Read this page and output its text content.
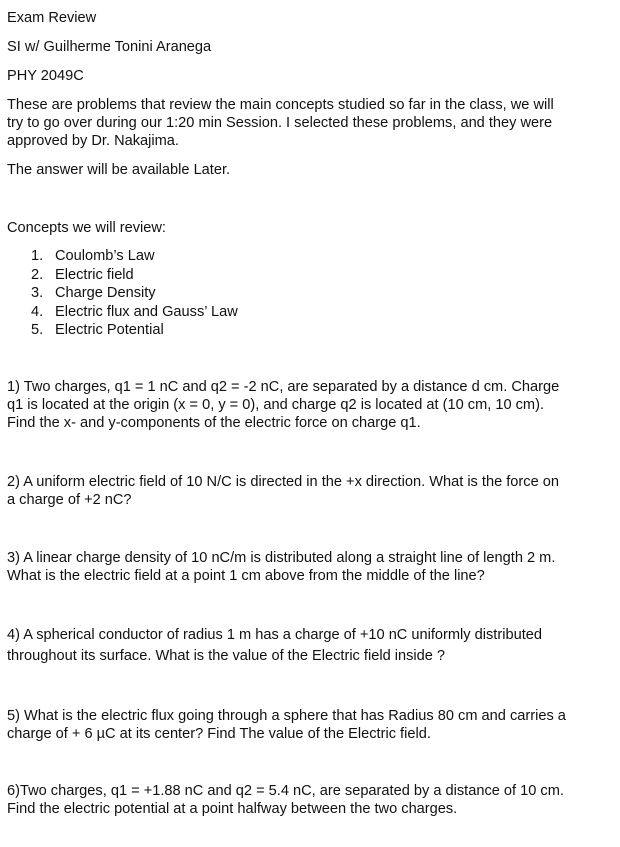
Exam Review
SI w/ Guilherme Tonini Aranega
PHY 2049C
These are problems that review the main concepts studied so far in the class, we will
try to go over during our 1:20 min Session. I selected these problems, and they were
approved by Dr. Nakajima.
The answer will be available Later.
Concepts we will review:
1. Coulomb’s Law
2. Electric field
3. Charge Density
4. Electric flux and Gauss’ Law
5. Electric Potential
1) Two charges, q1 = 1 nC and q2 = -2 nC, are separated by a distance d cm. Charge
q1 is located at the origin (x = 0, y = 0), and charge q2 is located at (10 cm, 10 cm).
Find the x- and y-components of the electric force on charge q1.
2) A uniform electric field of 10 N/C is directed in the +x direction. What is the force on
a charge of +2 nC?
3) A linear charge density of 10 nC/m is distributed along a straight line of length 2 m.
What is the electric field at a point 1 cm above from the middle of the line?
4) A spherical conductor of radius 1 m has a charge of +10 nC uniformly distributed
throughout its surface. What is the value of the Electric field inside ?
5) What is the electric flux going through a sphere that has Radius 80 cm and carries a
charge of + 6 µC at its center? Find The value of the Electric field.
6)Two charges, q1 = +1.88 nC and q2 = 5.4 nC, are separated by a distance of 10 cm.
Find the electric potential at a point halfway between the two charges.
